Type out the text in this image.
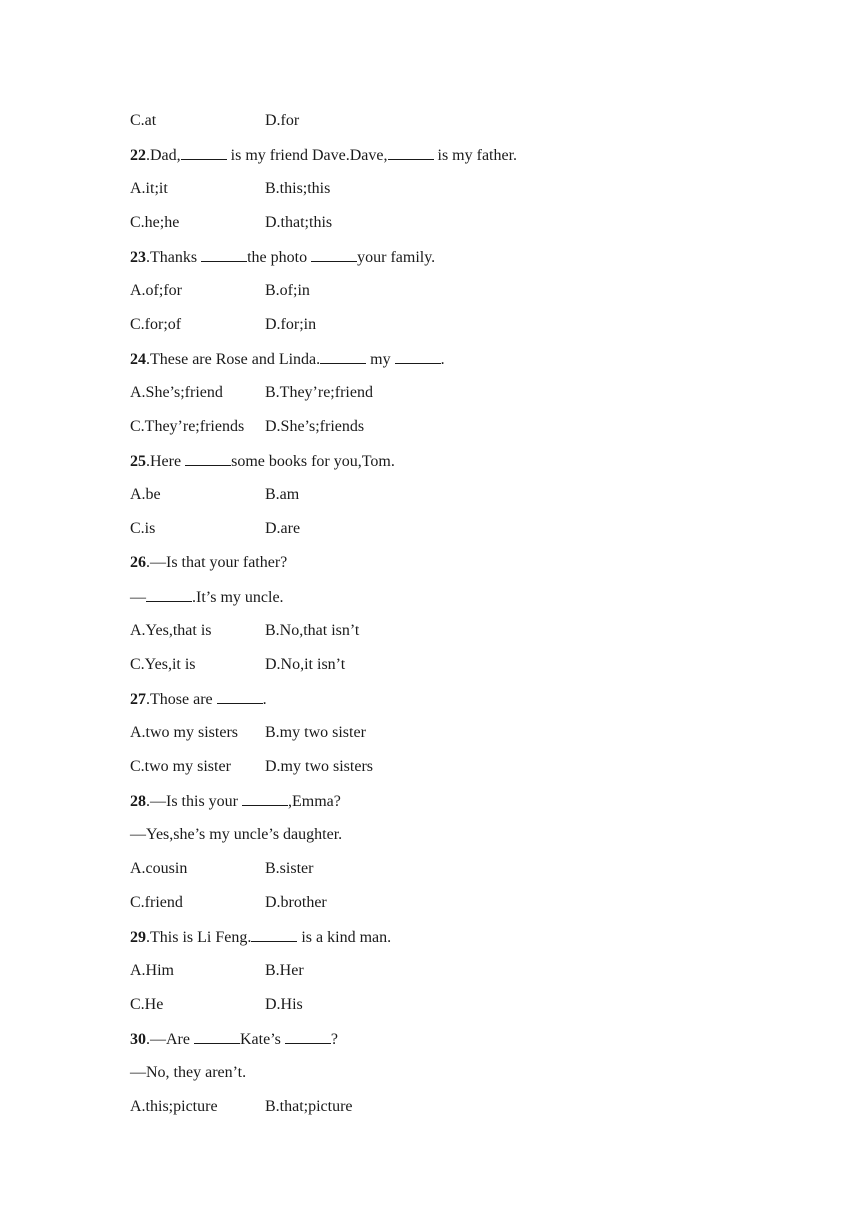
C.at	D.for
22.Dad,	is my friend Dave.Dave,	is my father.
A.it;it	B.this;this
C.he;he	D.that;this
23.Thanks	the photo	your family.
A.of;for	B.of;in
C.for;of	D.for;in
24.These are Rose and Linda.	my	.
A.She’s;friend	B.They’re;friend
C.They’re;friends D.She’s;friends
25.Here	some books for you,Tom.
A.be	B.am
C.is	D.are
26.—Is that your father?
—	.It’s my uncle.
A.Yes,that is	B.No,that isn’t
C.Yes,it is	D.No,it isn’t
27.Those are	.
A.two my sisters B.my two sister
C.two my sister D.my two sisters
28.—Is this your	,Emma?
—Yes,she’s my uncle’s daughter.
A.cousin	B.sister
C.friend	D.brother
29.This is Li Feng.	is a kind man.
A.Him	B.Her
C.He	D.His
30.—Are	Kate’s	?
—No, they aren’t.
A.this;picture	B.that;picture
